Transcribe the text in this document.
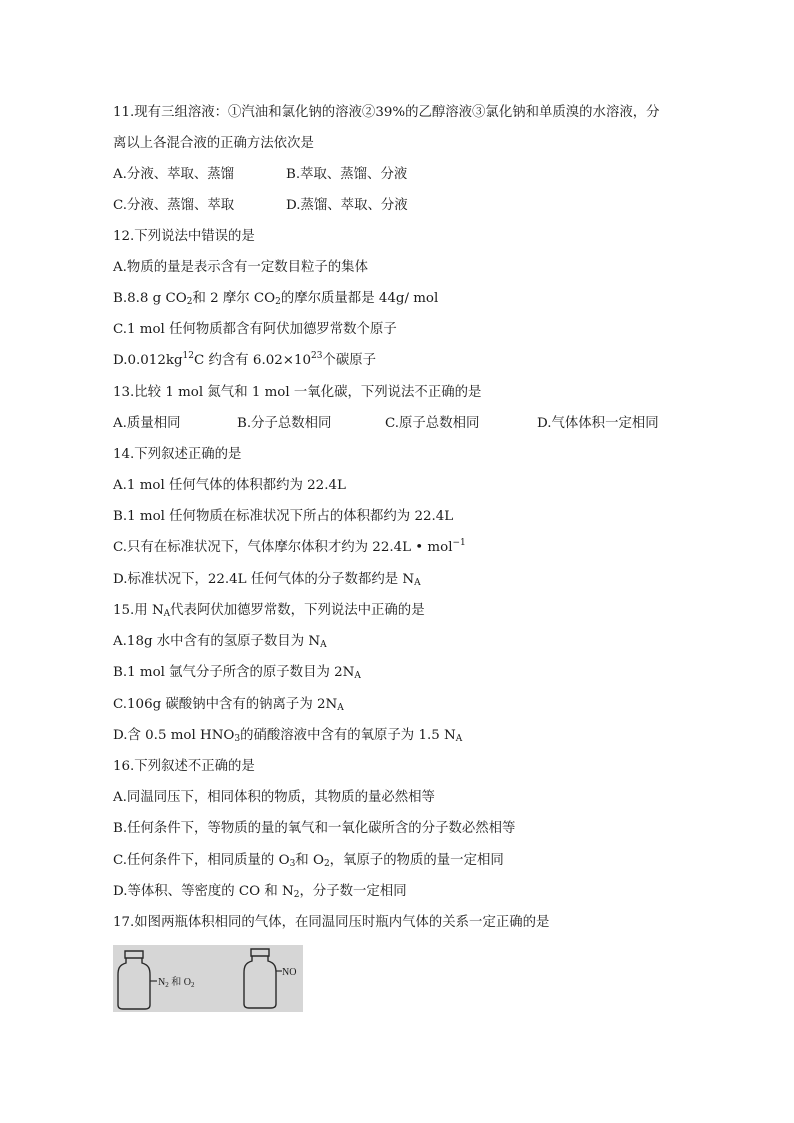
11.现有三组溶液：①汽油和氯化钠的溶液②39%的乙醇溶液③氯化钠和单质溴的水溶液，分
离以上各混合液的正确方法依次是
A.分液、萃取、蒸馏	B.萃取、蒸馏、分液
C.分液、蒸馏、萃取	D.蒸馏、萃取、分液
12.下列说法中错误的是
A.物质的量是表示含有一定数目粒子的集体
B.8.8 g $CO_2$和 2 摩尔 $CO_2$的摩尔质量都是 44g/ mol
C.1 mol 任何物质都含有阿伏加德罗常数个原子
$D.0.012kg^{12}C$ 约含有 $6.02\times 10^{23}$个碳原子
13.比较 1 mol 氮气和 1 mol 一氧化碳，下列说法不正确的是
A.质量相同	B.分子总数相同	C.原子总数相同	D.气体体积一定相同
14.下列叙述正确的是
A.1 mol 任何气体的体积都约为 22.4L
B.1 mol 任何物质在标准状况下所占的体积都约为 22.4L
C.只有在标准状况下，气体摩尔体积才约为 22.4L • mol$^{-1}$
D.标准状况下，22.4L 任何气体的分子数都约是 $N_A$
15.用 $N_A$代表阿伏加德罗常数，下列说法中正确的是
A.18g 水中含有的氢原子数目为 $N_A$
B.1 mol 氩气分子所含的原子数目为 $2N_A$
C.106g 碳酸钠中含有的钠离子为 $2N_A$
D.含 0.5 mol $HNO_3$的硝酸溶液中含有的氧原子为 1.5 $N_A$
16.下列叙述不正确的是
A.同温同压下，相同体积的物质，其物质的量必然相等
B.任何条件下，等物质的量的氧气和一氧化碳所含的分子数必然相等
C.任何条件下，相同质量的 $O_3$和 $O_2$，氧原子的物质的量一定相同
D.等体积、等密度的 CO 和 $N_2$，分子数一定相同
17.如图两瓶体积相同的气体，在同温同压时瓶内气体的关系一定正确的是
$N_2$ 和 $O_2$
NO
